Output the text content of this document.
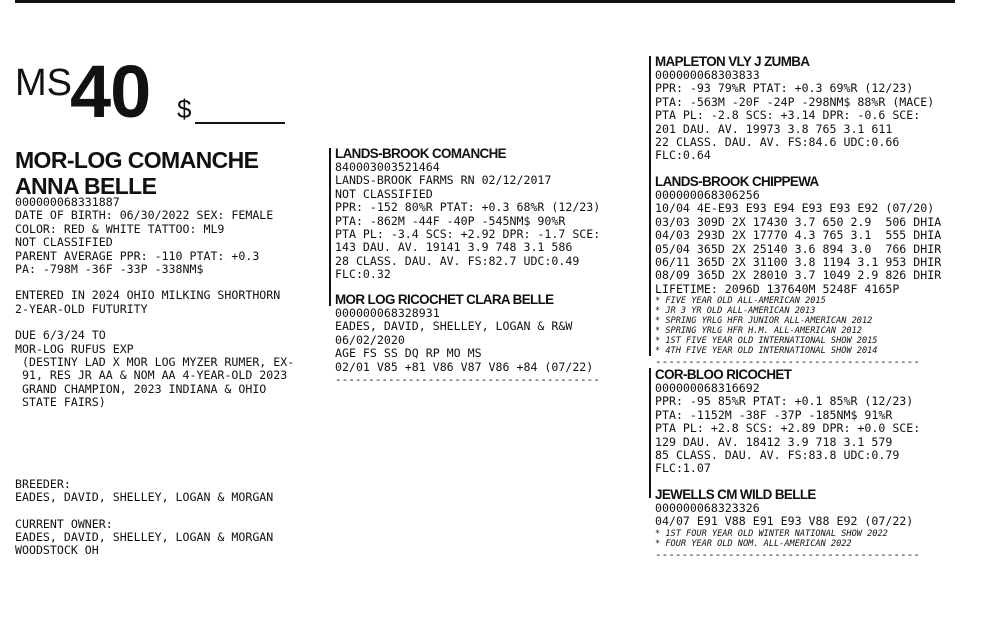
MS
40 $
MOR-LOG COMANCHE
ANNA BELLE
000000068331887
DATE OF BIRTH: 06/30/2022 SEX: FEMALE
COLOR: RED & WHITE TATTOO: ML9
NOT CLASSIFIED
PARENT AVERAGE PPR: -110 PTAT: +0.3
PA: -798M -36F -33P -338NM$
ENTERED IN 2024 OHIO MILKING SHORTHORN
2-YEAR-OLD FUTURITY
DUE 6/3/24 TO
MOR-LOG RUFUS EXP
(DESTINY LAD X MOR LOG MYZER RUMER, EX-
91, RES JR AA & NOM AA 4-YEAR-OLD 2023
GRAND CHAMPION, 2023 INDIANA & OHIO
STATE FAIRS)
BREEDER:
EADES, DAVID, SHELLEY, LOGAN & MORGAN
CURRENT OWNER:
EADES, DAVID, SHELLEY, LOGAN & MORGAN
WOODSTOCK OH
LANDS-BROOK COMANCHE
840003003521464
LANDS-BROOK FARMS RN 02/12/2017
NOT CLASSIFIED
PPR: -152 80%R PTAT: +0.3 68%R (12/23)
PTA: -862M -44F -40P -545NM$ 90%R
PTA PL: -3.4 SCS: +2.92 DPR: -1.7 SCE:
143 DAU. AV. 19141 3.9 748 3.1 586
28 CLASS. DAU. AV. FS:82.7 UDC:0.49
FLC:0.32
MOR LOG RICOCHET CLARA BELLE
000000068328931
EADES, DAVID, SHELLEY, LOGAN & R&W
06/02/2020
AGE FS SS DQ RP MO MS
02/01 V85 +81 V86 V87 V86 +84 (07/22)
----------------------------------------
MAPLETON VLY J ZUMBA
000000068303833
PPR: -93 79%R PTAT: +0.3 69%R (12/23)
PTA: -563M -20F -24P -298NM$ 88%R (MACE)
PTA PL: -2.8 SCS: +3.14 DPR: -0.6 SCE:
201 DAU. AV. 19973 3.8 765 3.1 611
22 CLASS. DAU. AV. FS:84.6 UDC:0.66
FLC:0.64
LANDS-BROOK CHIPPEWA
000000068306256
10/04 4E-E93 E93 E94 E93 E93 E92 (07/20)
03/03 309D 2X 17430 3.7 650 2.9  506 DHIA
04/03 293D 2X 17770 4.3 765 3.1  555 DHIA
05/04 365D 2X 25140 3.6 894 3.0  766 DHIR
06/11 365D 2X 31100 3.8 1194 3.1 953 DHIR
08/09 365D 2X 28010 3.7 1049 2.9 826 DHIR
LIFETIME: 2096D 137640M 5248F 4165P
* FIVE YEAR OLD ALL-AMERICAN 2015
* JR 3 YR OLD ALL-AMERICAN 2013
* SPRING YRLG HFR JUNIOR ALL-AMERICAN 2012
* SPRING YRLG HFR H.M. ALL-AMERICAN 2012
* 1ST FIVE YEAR OLD INTERNATIONAL SHOW 2015
* 4TH FIVE YEAR OLD INTERNATIONAL SHOW 2014
----------------------------------------
COR-BLOO RICOCHET
000000068316692
PPR: -95 85%R PTAT: +0.1 85%R (12/23)
PTA: -1152M -38F -37P -185NM$ 91%R
PTA PL: +2.8 SCS: +2.89 DPR: +0.0 SCE:
129 DAU. AV. 18412 3.9 718 3.1 579
85 CLASS. DAU. AV. FS:83.8 UDC:0.79
FLC:1.07
JEWELLS CM WILD BELLE
000000068323326
04/07 E91 V88 E91 E93 V88 E92 (07/22)
* 1ST FOUR YEAR OLD WINTER NATIONAL SHOW 2022
* FOUR YEAR OLD NOM. ALL-AMERICAN 2022
----------------------------------------
